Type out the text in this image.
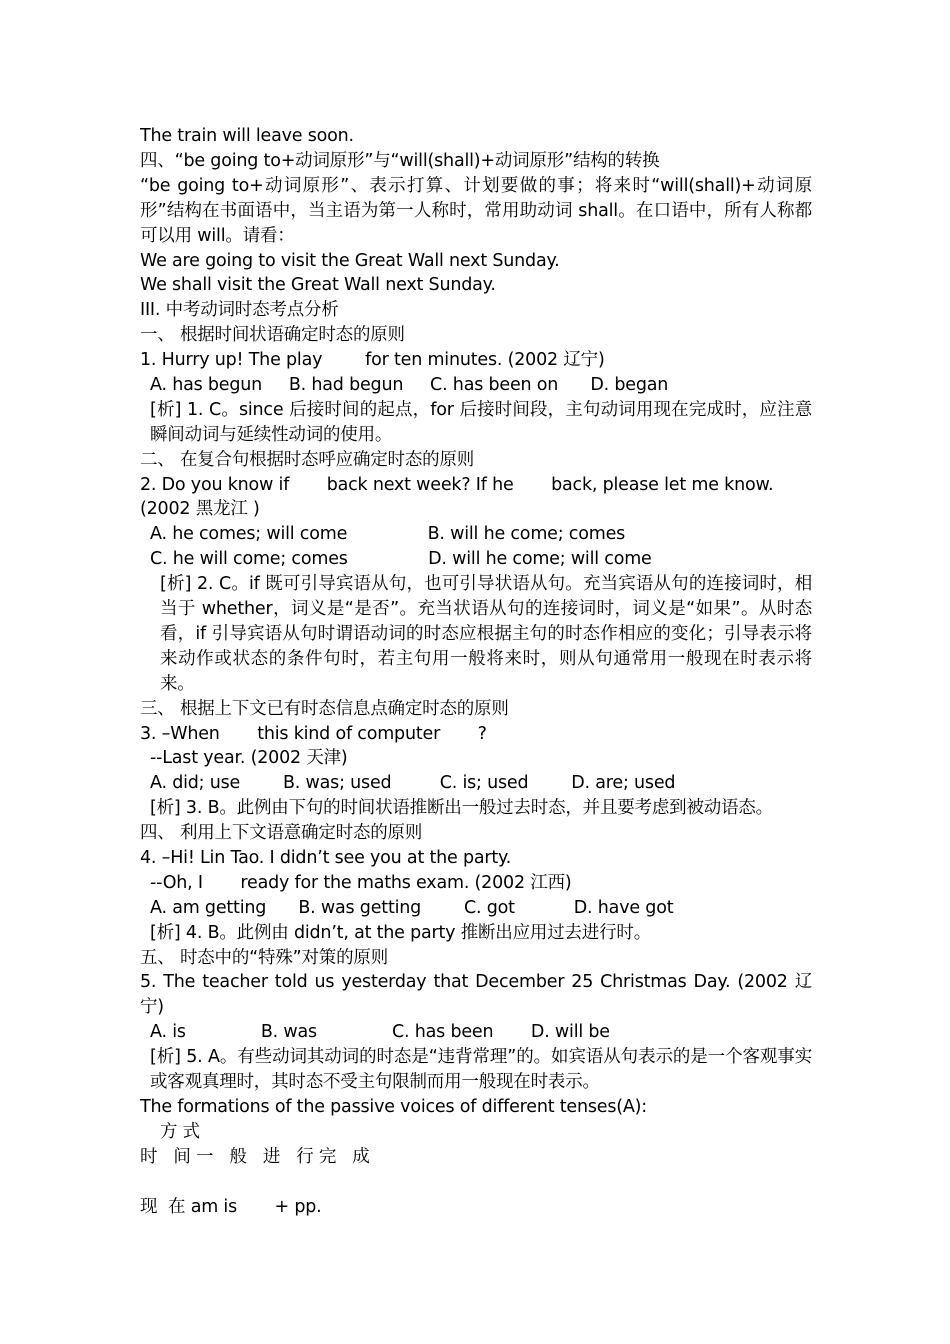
The train will leave soon.
四、“be going to+动词原形”与“will(shall)+动词原形”结构的转换
“be going to+动词原形”、表示打算、计划要做的事；将来时“will(shall)+动词原形”结构在书面语中，当主语为第一人称时，常用助动词 shall。在口语中，所有人称都可以用 will。请看：
We are going to visit the Great Wall next Sunday.
We shall visit the Great Wall next Sunday.
III. 中考动词时态考点分析
一、 根据时间状语确定时态的原则
1. Hurry up! The play        for ten minutes. (2002 辽宁)
A. has begun     B. had begun     C. has been on      D. began
[析] 1. C。since 后接时间的起点，for 后接时间段，主句动词用现在完成时，应注意瞬间动词与延续性动词的使用。
二、 在复合句根据时态呼应确定时态的原则
2. Do you know if       back next week? If he       back, please let me know.
(2002 黑龙江 )
A. he comes; will come               B. will he come; comes
C. he will come; comes               D. will he come; will come
[析] 2. C。if 既可引导宾语从句，也可引导状语从句。充当宾语从句的连接词时，相当于 whether，词义是“是否”。充当状语从句的连接词时，词义是“如果”。从时态看，if 引导宾语从句时谓语动词的时态应根据主句的时态作相应的变化；引导表示将来动作或状态的条件句时，若主句用一般将来时，则从句通常用一般现在时表示将来。
三、 根据上下文已有时态信息点确定时态的原则
3. –When       this kind of computer       ?
--Last year. (2002 天津)
A. did; use        B. was; used         C. is; used        D. are; used
[析] 3. B。此例由下句的时间状语推断出一般过去时态，并且要考虑到被动语态。
四、 利用上下文语意确定时态的原则
4. –Hi! Lin Tao. I didn’t see you at the party.
--Oh, I       ready for the maths exam. (2002 江西)
A. am getting      B. was getting        C. got           D. have got
[析] 4. B。此例由 didn’t, at the party 推断出应用过去进行时。
五、 时态中的“特殊”对策的原则
5. The teacher told us yesterday that December 25 Christmas Day. (2002 辽宁)
A. is              B. was              C. has been       D. will be
[析] 5. A。有些动词其动词的时态是“违背常理”的。如宾语从句表示的是一个客观事实或客观真理时，其时态不受主句限制而用一般现在时表示。
The formations of the passive voices of different tenses(A):
方 式
时   间 一   般   进   行 完   成
现  在 am is       + pp.
